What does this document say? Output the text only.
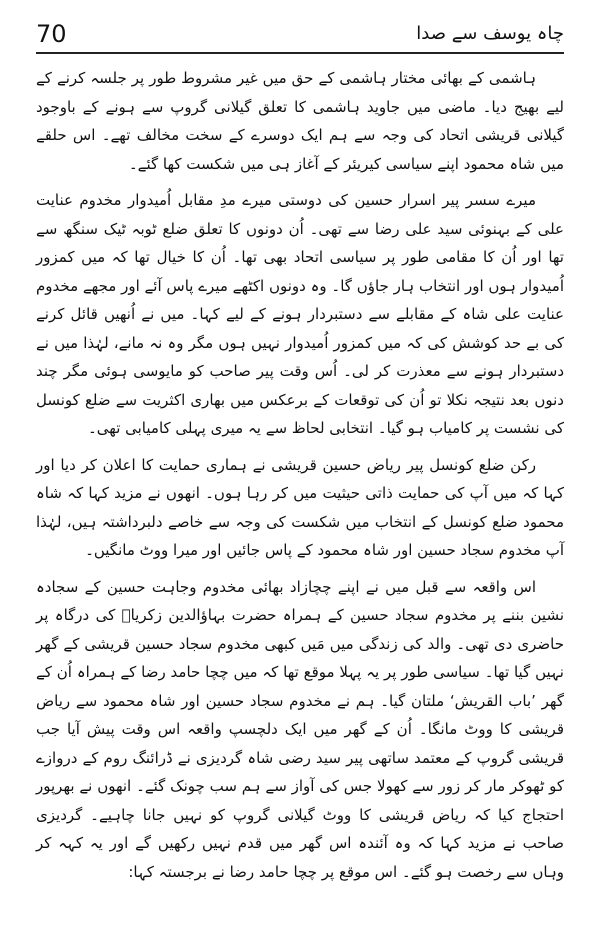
70	چاہ یوسف سے صدا

ہاشمی کے بھائی مختار ہاشمی کے حق میں غیر مشروط طور پر جلسہ کرنے کے لیے بھیج دیا۔ ماضی میں جاوید ہاشمی کا تعلق گیلانی گروپ سے ہونے کے باوجود گیلانی قریشی اتحاد کی وجہ سے ہم ایک دوسرے کے سخت مخالف تھے۔ اس حلقے میں شاہ محمود اپنے سیاسی کیریئر کے آغاز ہی میں شکست کھا گئے۔

میرے سسر پیر اسرار حسین کی دوستی میرے مدِ مقابل اُمیدوار مخدوم عنایت علی کے بہنوئی سید علی رضا سے تھی۔ اُن دونوں کا تعلق ضلع ٹوبہ ٹیک سنگھ سے تھا اور اُن کا مقامی طور پر سیاسی اتحاد بھی تھا۔ اُن کا خیال تھا کہ میں کمزور اُمیدوار ہوں اور انتخاب ہار جاؤں گا۔ وہ دونوں اکٹھے میرے پاس آئے اور مجھے مخدوم عنایت علی شاہ کے مقابلے سے دستبردار ہونے کے لیے کہا۔ میں نے اُنھیں قائل کرنے کی بے حد کوشش کی کہ میں کمزور اُمیدوار نہیں ہوں مگر وہ نہ مانے، لہٰذا میں نے دستبردار ہونے سے معذرت کر لی۔ اُس وقت پیر صاحب کو مایوسی ہوئی مگر چند دنوں بعد نتیجہ نکلا تو اُن کی توقعات کے برعکس میں بھاری اکثریت سے ضلع کونسل کی نشست پر کامیاب ہو گیا۔ انتخابی لحاظ سے یہ میری پہلی کامیابی تھی۔

رکن ضلع کونسل پیر ریاض حسین قریشی نے ہماری حمایت کا اعلان کر دیا اور کہا کہ میں آپ کی حمایت ذاتی حیثیت میں کر رہا ہوں۔ انھوں نے مزید کہا کہ شاہ محمود ضلع کونسل کے انتخاب میں شکست کی وجہ سے خاصے دلبرداشتہ ہیں، لہٰذا آپ مخدوم سجاد حسین اور شاہ محمود کے پاس جائیں اور میرا ووٹ مانگیں۔

اس واقعہ سے قبل میں نے اپنے چچازاد بھائی مخدوم وجاہت حسین کے سجادہ نشین بننے پر مخدوم سجاد حسین کے ہمراہ حضرت بہاؤالدین زکریاؒ کی درگاہ پر حاضری دی تھی۔ والد کی زندگی میں مَیں کبھی مخدوم سجاد حسین قریشی کے گھر نہیں گیا تھا۔ سیاسی طور پر یہ پہلا موقع تھا کہ میں چچا حامد رضا کے ہمراہ اُن کے گھر ’باب القریش‘ ملتان گیا۔ ہم نے مخدوم سجاد حسین اور شاہ محمود سے ریاض قریشی کا ووٹ مانگا۔ اُن کے گھر میں ایک دلچسپ واقعہ اس وقت پیش آیا جب قریشی گروپ کے معتمد ساتھی پیر سید رضی شاہ گردیزی نے ڈرائنگ روم کے دروازے کو ٹھوکر مار کر زور سے کھولا جس کی آواز سے ہم سب چونک گئے۔ انھوں نے بھرپور احتجاج کیا کہ ریاض قریشی کا ووٹ گیلانی گروپ کو نہیں جانا چاہیے۔ گردیزی صاحب نے مزید کہا کہ وہ آئندہ اس گھر میں قدم نہیں رکھیں گے اور یہ کہہ کر وہاں سے رخصت ہو گئے۔ اس موقع پر چچا حامد رضا نے برجستہ کہا:
